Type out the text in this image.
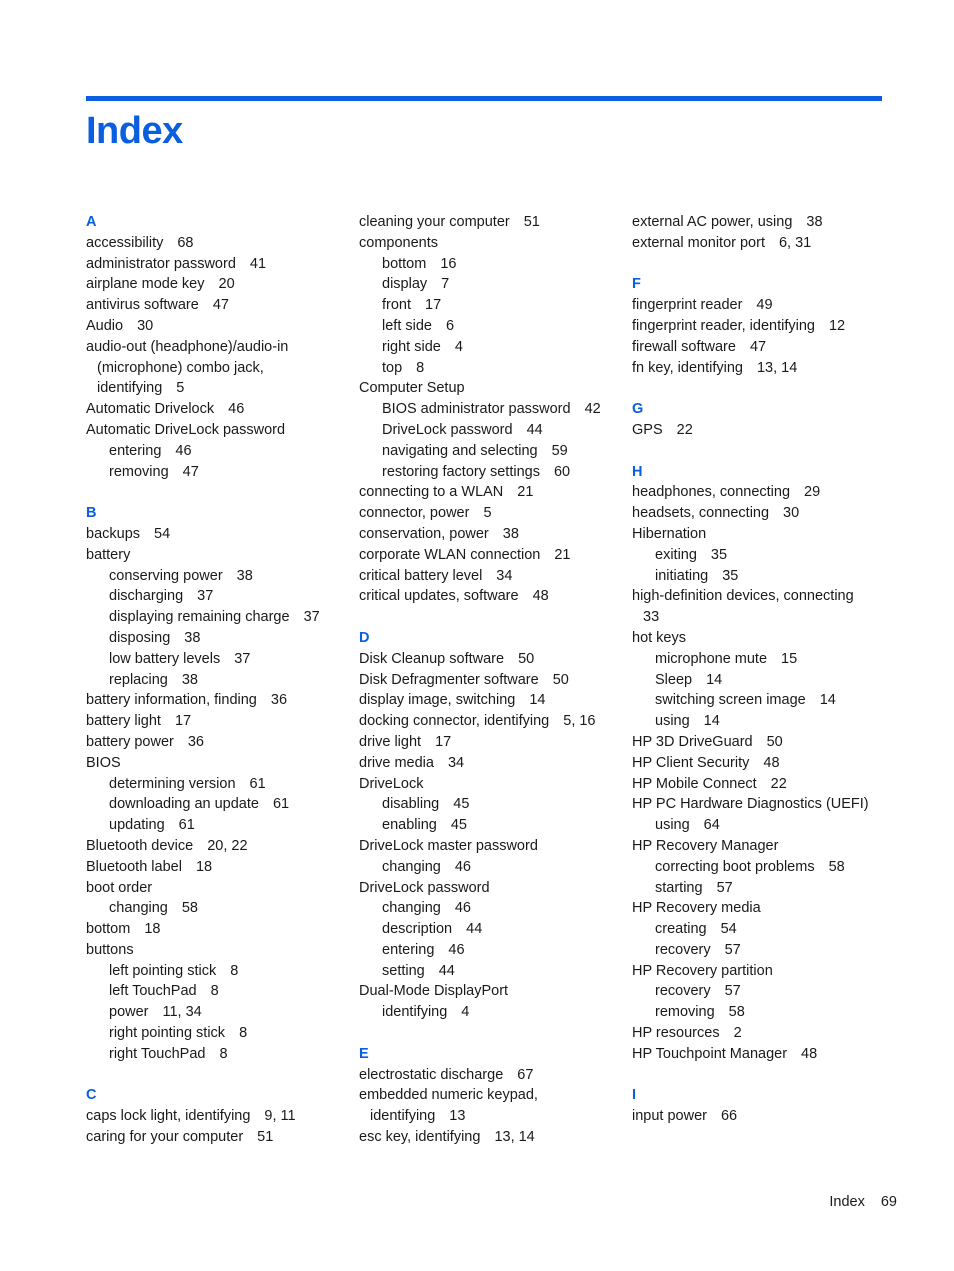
Index
A
accessibility 68
administrator password 41
airplane mode key 20
antivirus software 47
Audio 30
audio-out (headphone)/audio-in
(microphone) combo jack,
identifying 5
Automatic Drivelock 46
Automatic DriveLock password
entering 46
removing 47
B
backups 54
battery
conserving power 38
discharging 37
displaying remaining charge 37
disposing 38
low battery levels 37
replacing 38
battery information, finding 36
battery light 17
battery power 36
BIOS
determining version 61
downloading an update 61
updating 61
Bluetooth device 20, 22
Bluetooth label 18
boot order
changing 58
bottom 18
buttons
left pointing stick 8
left TouchPad 8
power 11, 34
right pointing stick 8
right TouchPad 8
C
caps lock light, identifying 9, 11
caring for your computer 51
cleaning your computer 51
components
bottom 16
display 7
front 17
left side 6
right side 4
top 8
Computer Setup
BIOS administrator password 42
DriveLock password 44
navigating and selecting 59
restoring factory settings 60
connecting to a WLAN 21
connector, power 5
conservation, power 38
corporate WLAN connection 21
critical battery level 34
critical updates, software 48
D
Disk Cleanup software 50
Disk Defragmenter software 50
display image, switching 14
docking connector, identifying 5, 16
drive light 17
drive media 34
DriveLock
disabling 45
enabling 45
DriveLock master password
changing 46
DriveLock password
changing 46
description 44
entering 46
setting 44
Dual-Mode DisplayPort
identifying 4
E
electrostatic discharge 67
embedded numeric keypad,
identifying 13
esc key, identifying 13, 14
external AC power, using 38
external monitor port 6, 31
F
fingerprint reader 49
fingerprint reader, identifying 12
firewall software 47
fn key, identifying 13, 14
G
GPS 22
H
headphones, connecting 29
headsets, connecting 30
Hibernation
exiting 35
initiating 35
high-definition devices, connecting
33
hot keys
microphone mute 15
Sleep 14
switching screen image 14
using 14
HP 3D DriveGuard 50
HP Client Security 48
HP Mobile Connect 22
HP PC Hardware Diagnostics (UEFI)
using 64
HP Recovery Manager
correcting boot problems 58
starting 57
HP Recovery media
creating 54
recovery 57
HP Recovery partition
recovery 57
removing 58
HP resources 2
HP Touchpoint Manager 48
I
input power 66
Index 69
